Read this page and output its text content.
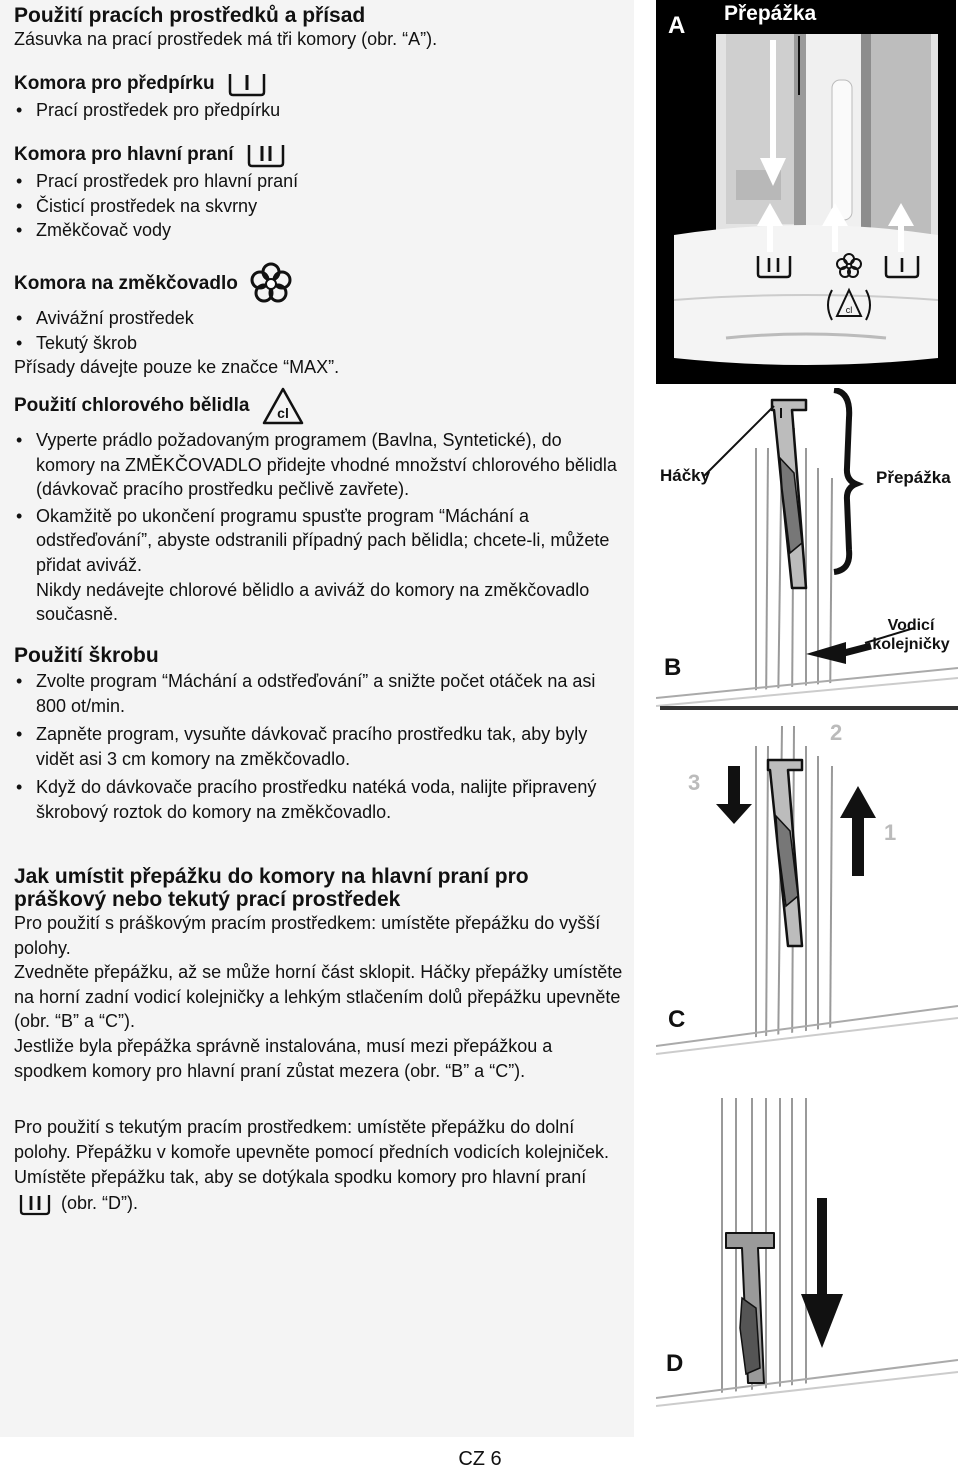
Použití pracích prostředků a přísad

Zásuvka na prací prostředek má tři komory (obr. “A”).

Komora pro předpírku

• Prací prostředek pro předpírku

Komora pro hlavní praní

• Prací prostředek pro hlavní praní
• Čisticí prostředek na skvrny
• Změkčovač vody

Komora na změkčovadlo

• Avivážní prostředek
• Tekutý škrob

Přísady dávejte pouze ke značce “MAX”.

Použití chlorového bělidla cl

• Vyperte prádlo požadovaným programem (Bavlna, Syntetické), do komory na ZMĚKČOVADLO přidejte vhodné množství chlorového bělidla (dávkovač pracího prostředku pečlivě zavřete).
• Okamžitě po ukončení programu spusťte program “Máchání a odstřeďování”, abyste odstranili případný pach bělidla; chcete-li, můžete přidat aviváž.

Nikdy nedávejte chlorové bělidlo a aviváž do komory na změkčovadlo současně.

Použití škrobu

• Zvolte program “Máchání a odstřeďování” a snižte počet otáček na asi 800 ot/min.
• Zapněte program, vysuňte dávkovač pracího prostředku tak, aby byly vidět asi 3 cm komory na změkčovadlo.
• Když do dávkovače pracího prostředku natéká voda, nalijte připravený škrobový roztok do komory na změkčovadlo.

Jak umístit přepážku do komory na hlavní praní pro práškový nebo tekutý prací prostředek

Pro použití s práškovým pracím prostředkem: umístěte přepážku do vyšší polohy.
Zvedněte přepážku, až se může horní část sklopit. Háčky přepážky umístěte na horní zadní vodicí kolejničky a lehkým stlačením dolů přepážku upevněte (obr. “B” a “C”).
Jestliže byla přepážka správně instalována, musí mezi přepážkou a spodkem komory pro hlavní praní zůstat mezera (obr. “B” a “C”).

Pro použití s tekutým pracím prostředkem: umístěte přepážku do dolní polohy. Přepážku v komoře upevněte pomocí předních vodicích kolejniček.

Umístěte přepážku tak, aby se dotýkala spodku komory pro hlavní praní  (obr. “D”).

cl
A Přepážka
Háčky	Přepážka
Vodicí kolejničky
B
3
2
1
C
D
CZ 6
